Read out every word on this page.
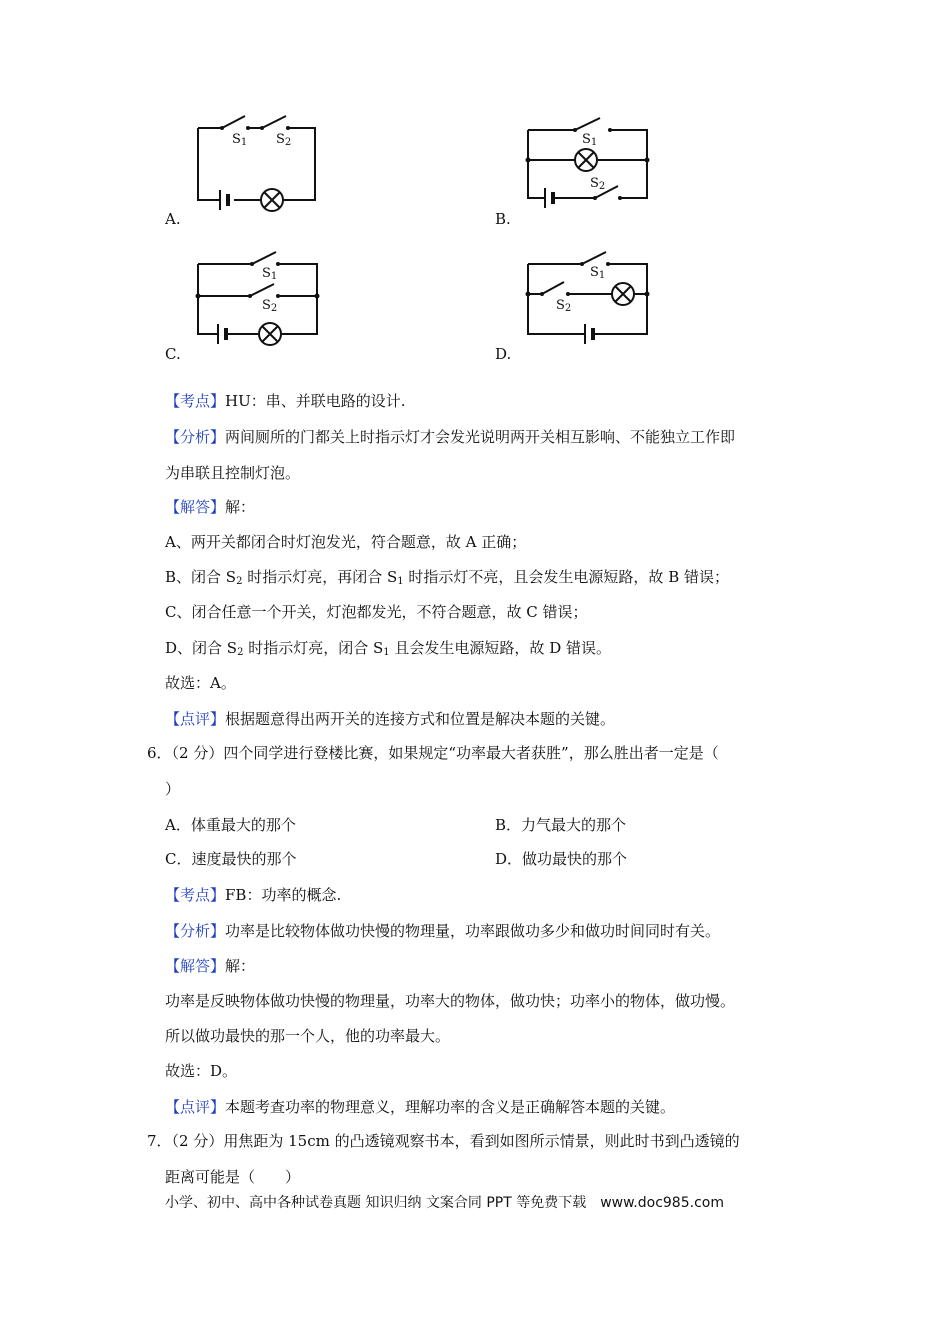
$S_1$ $S_2$
A.
$S_1$
$S_2$
B.
$S_1$
$S_2$
C.
$S_1$
$S_2$
D.
【考点】HU：串、并联电路的设计.
【分析】两间厕所的门都关上时指示灯才会发光说明两开关相互影响、不能独立工作即
为串联且控制灯泡。
【解答】解：
A、两开关都闭合时灯泡发光，符合题意，故 A 正确；
B、闭合 $S_2$ 时指示灯亮，再闭合 $S_1$ 时指示灯不亮，且会发生电源短路，故 B 错误；
C、闭合任意一个开关，灯泡都发光，不符合题意，故 C 错误；
D、闭合 $S_2$ 时指示灯亮，闭合 $S_1$ 且会发生电源短路，故 D 错误。
故选：A。
【点评】根据题意得出两开关的连接方式和位置是解决本题的关键。
6．（2 分）四个同学进行登楼比赛，如果规定“功率最大者获胜”，那么胜出者一定是（
）
A．体重最大的那个	B．力气最大的那个
C．速度最快的那个	D．做功最快的那个
【考点】FB：功率的概念.
【分析】功率是比较物体做功快慢的物理量，功率跟做功多少和做功时间同时有关。
【解答】解：
功率是反映物体做功快慢的物理量，功率大的物体，做功快；功率小的物体，做功慢。
所以做功最快的那一个人，他的功率最大。
故选：D。
【点评】本题考查功率的物理意义，理解功率的含义是正确解答本题的关键。
7．（2 分）用焦距为 15cm 的凸透镜观察书本，看到如图所示情景，则此时书到凸透镜的
距离可能是（　　）
小学、初中、高中各种试卷真题 知识归纳 文案合同 PPT 等免费下载　www.doc985.com
